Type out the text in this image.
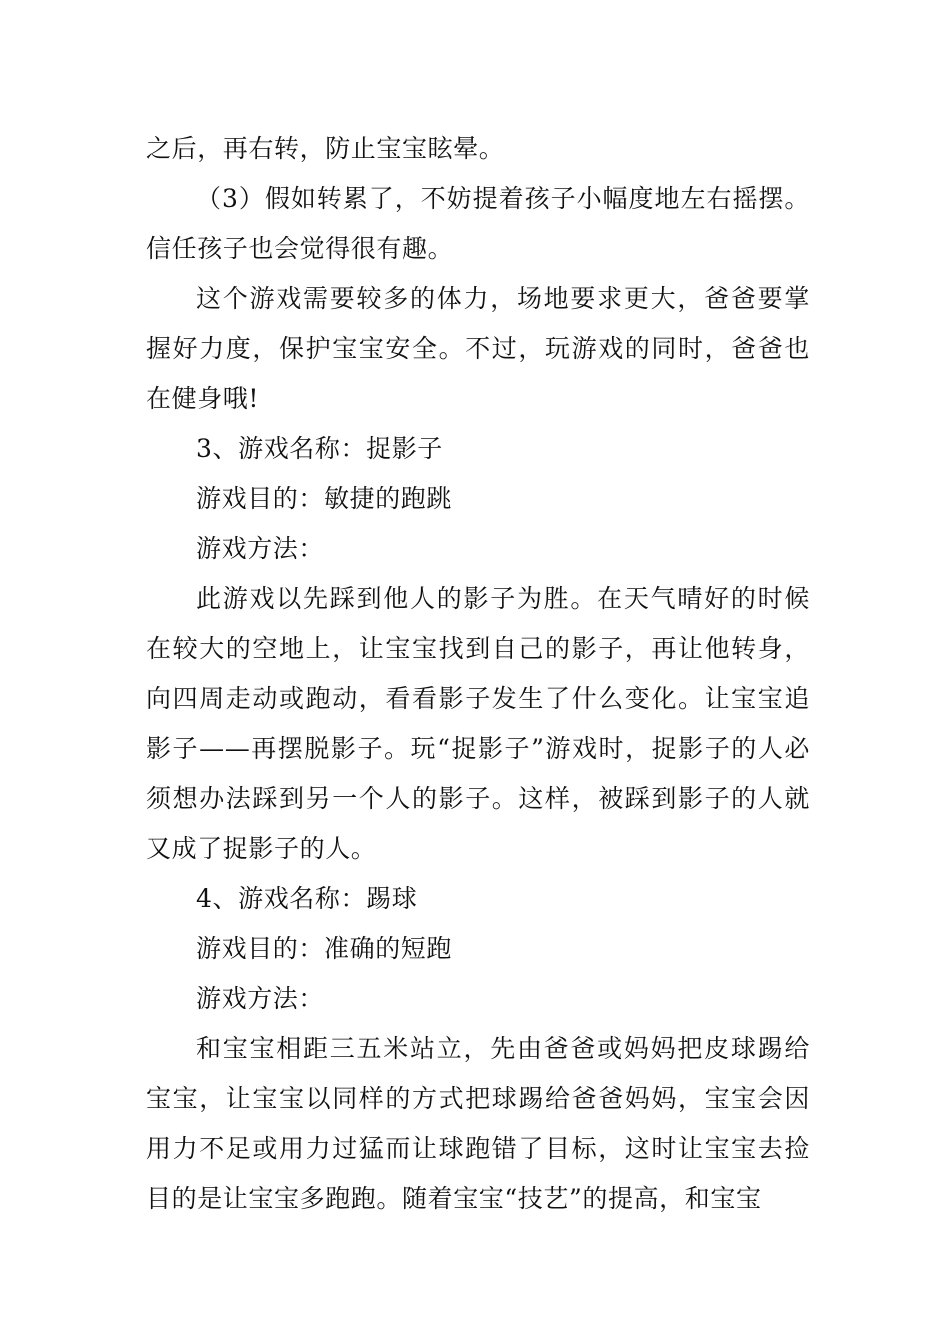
之后，再右转，防止宝宝眩晕。

（3）假如转累了，不妨提着孩子小幅度地左右摇摆。信任孩子也会觉得很有趣。

这个游戏需要较多的体力，场地要求更大，爸爸要掌握好力度，保护宝宝安全。不过，玩游戏的同时，爸爸也在健身哦!

3、游戏名称：捉影子

游戏目的：敏捷的跑跳

游戏方法：

此游戏以先踩到他人的影子为胜。在天气晴好的时候在较大的空地上，让宝宝找到自己的影子，再让他转身，向四周走动或跑动，看看影子发生了什么变化。让宝宝追影子——再摆脱影子。玩“捉影子”游戏时，捉影子的人必须想办法踩到另一个人的影子。这样，被踩到影子的人就又成了捉影子的人。

4、游戏名称：踢球

游戏目的：准确的短跑

游戏方法：

和宝宝相距三五米站立，先由爸爸或妈妈把皮球踢给宝宝，让宝宝以同样的方式把球踢给爸爸妈妈，宝宝会因用力不足或用力过猛而让球跑错了目标，这时让宝宝去捡目的是让宝宝多跑跑。随着宝宝“技艺”的提高，和宝宝
